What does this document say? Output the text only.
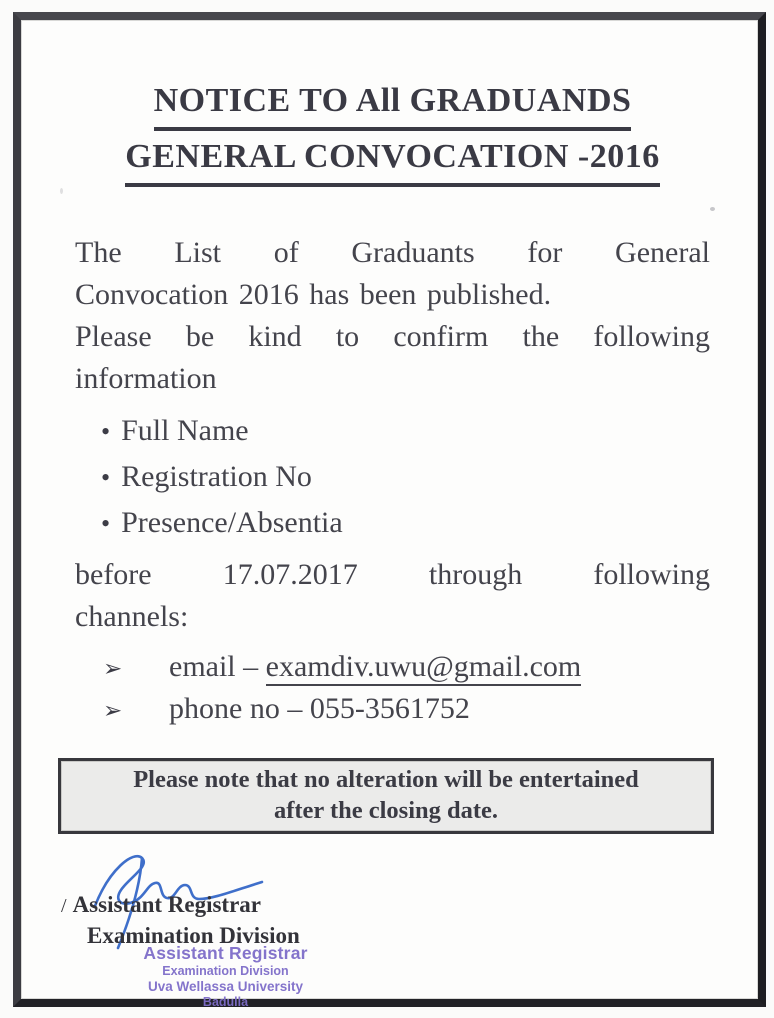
NOTICE TO All GRADUANDS
GENERAL CONVOCATION -2016
The List of Graduants for General
Convocation 2016 has been published.
Please be kind to confirm the following
information
• Full Name
• Registration No
• Presence/Absentia
before 17.07.2017 through following
channels:
➢	email – examdiv.uwu@gmail.com
➢	phone no – 055-3561752
Please note that no alteration will be entertained
after the closing date.
/ Assistant Registrar
Examination Division
Assistant Registrar
Examination Division
Uva Wellassa University
Badulla
